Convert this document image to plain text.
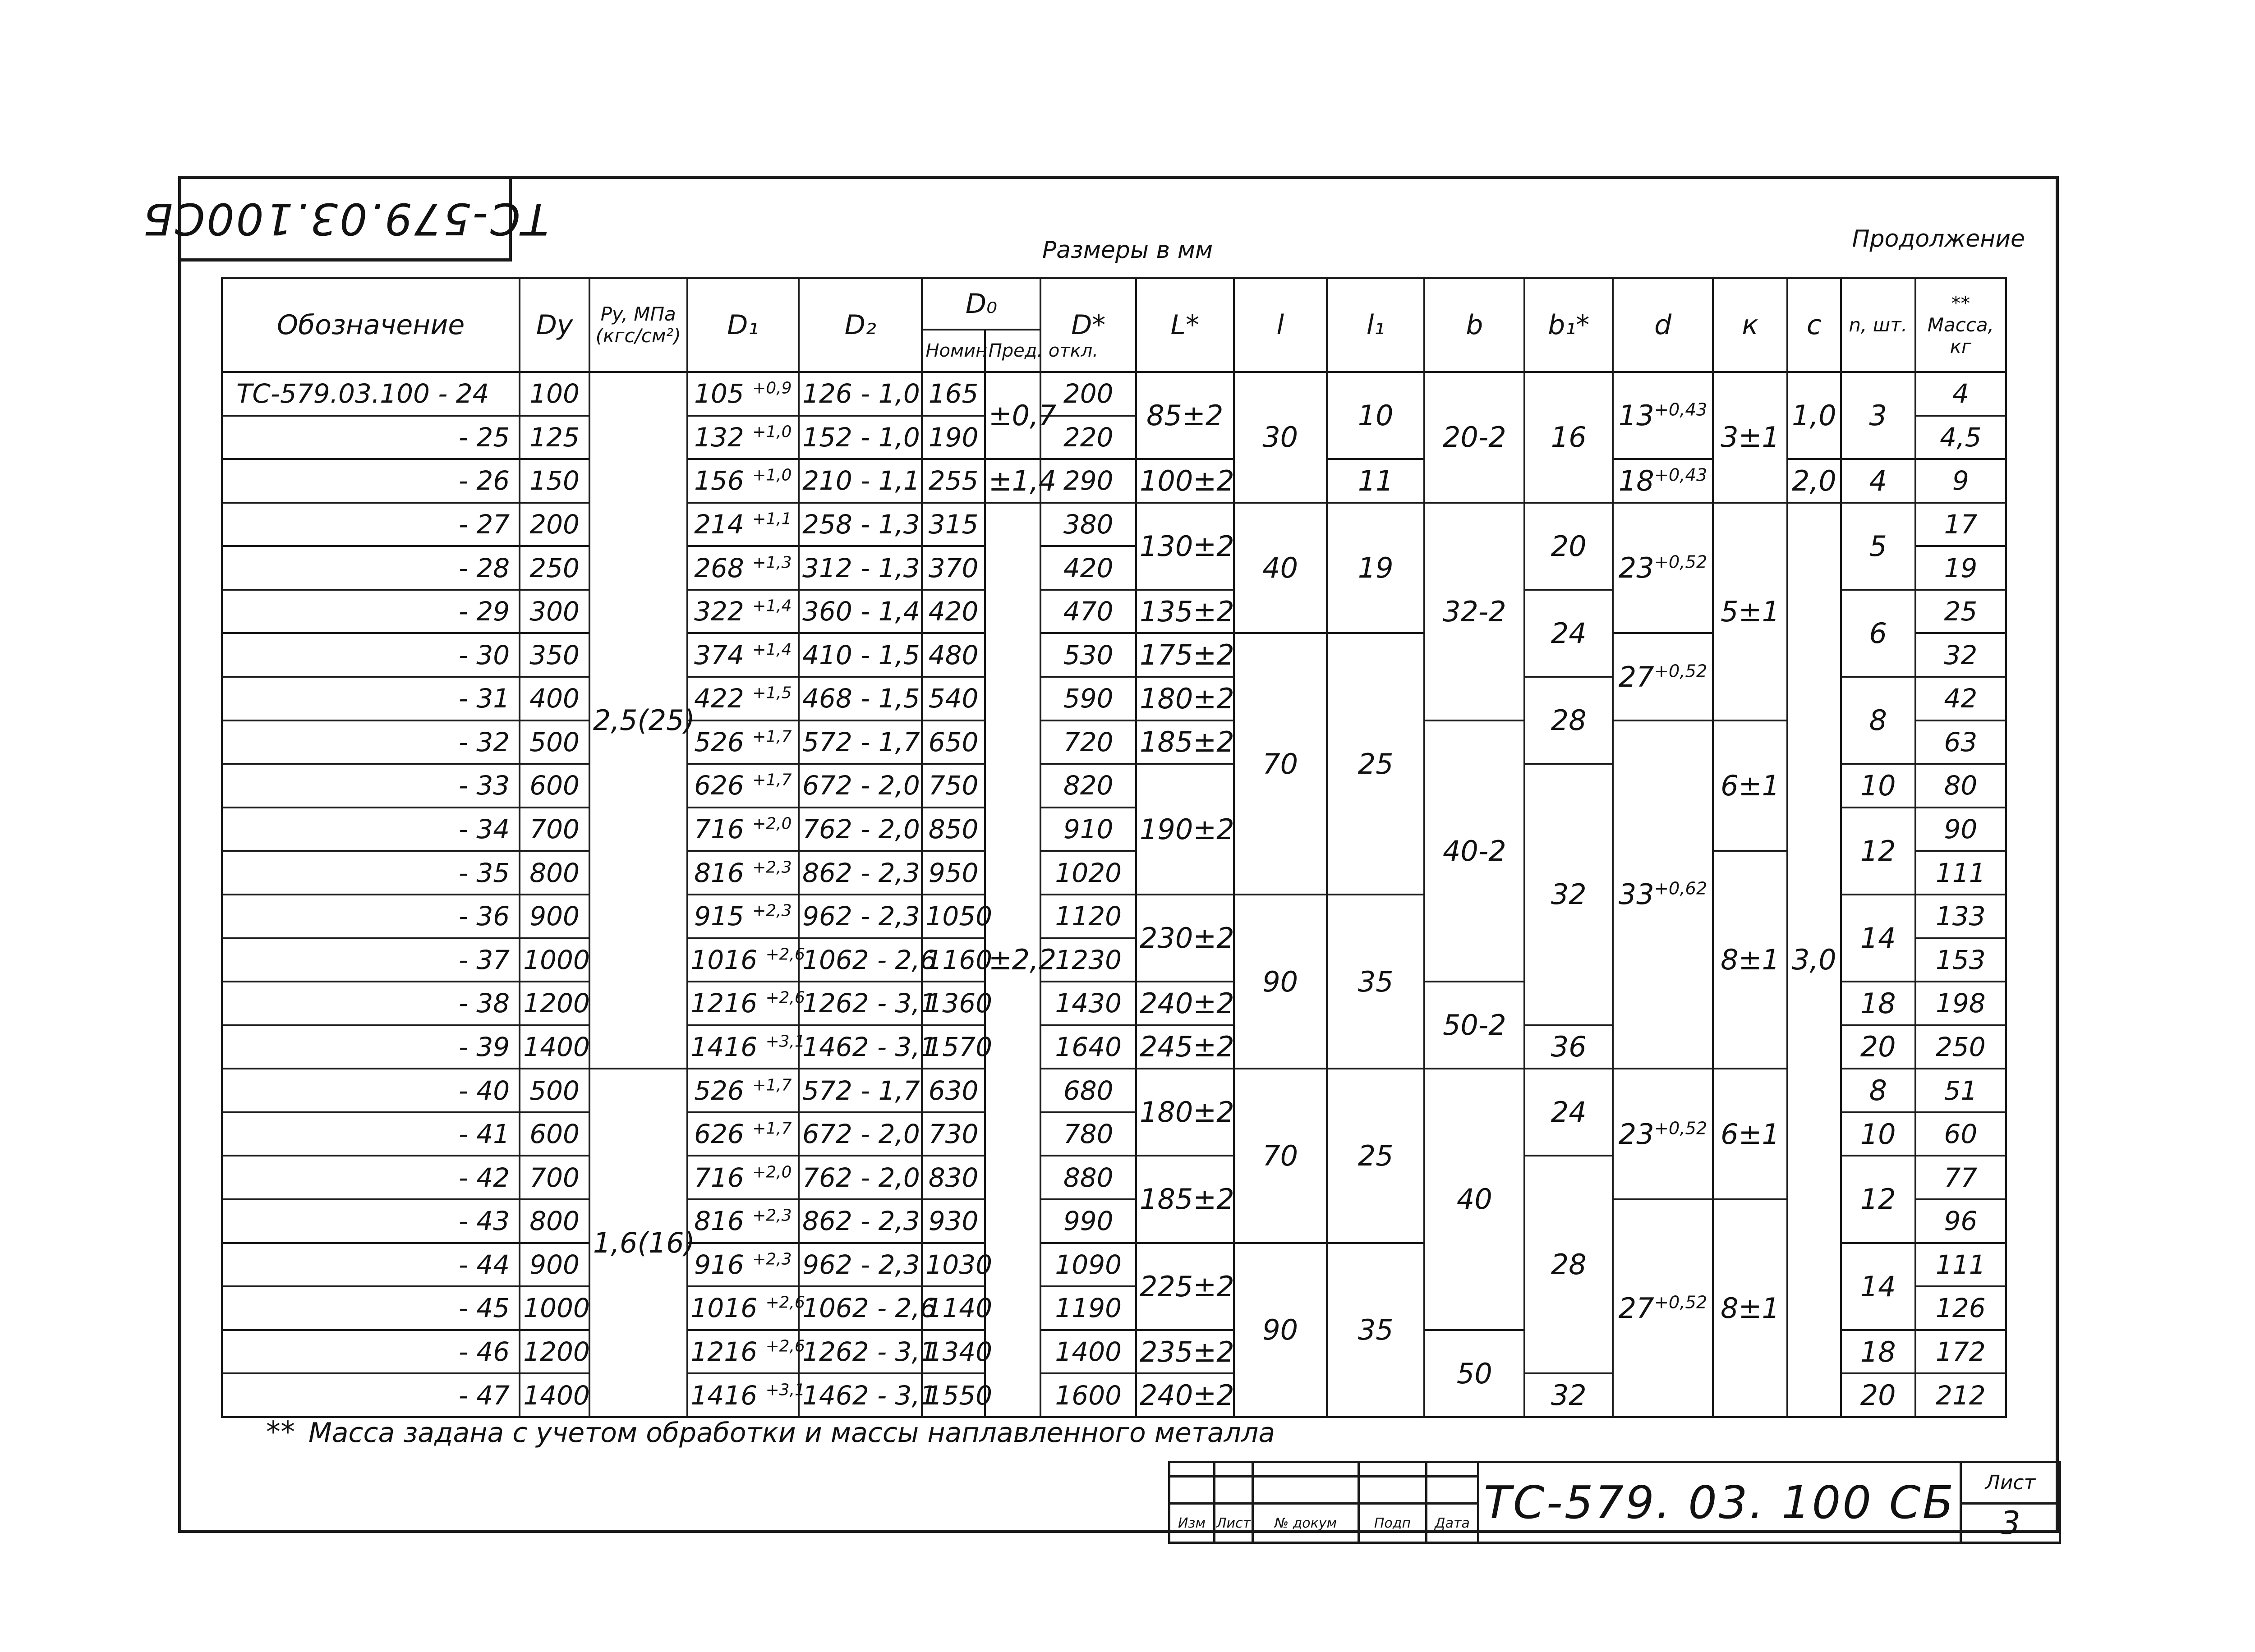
ТС-579.03.100СБ
Размеры в мм	Продолжение
Обозначение	Dy	Py, МПа (кгс/см²)	D₁	D₂	D₀		D*	L*	l	l₁	b	b₁*	d	к	c	n, шт.	** Масса, кг
					Номин	Пред. откл.											
ТС-579.03.100 - 24	100	2,5(25)	105 $^{+0,9}$	126 - 1,0	165	±0,7	200	85±2	30	10	20-2	16	$13^{+0,43}$	3±1	1,0	3	4
- 25	125		132 $^{+1,0}$	152 - 1,0	190		220										4,5
- 26	150		156 $^{+1,0}$	210 - 1,1	255	±1,4	290	100±2		11			$18^{+0,43}$		2,0	4	9
- 27	200		214 $^{+1,1}$	258 - 1,3	315	±2,2	380	130±2	40	19	32-2	20	$23^{+0,52}$	5±1	3,0	5	17
- 28	250		268 $^{+1,3}$	312 - 1,3	370		420										19
- 29	300		322 $^{+1,4}$	360 - 1,4	420		470	135±2				24				6	25
- 30	350		374 $^{+1,4}$	410 - 1,5	480		530	175±2	70	25			$27^{+0,52}$				32
- 31	400		422 $^{+1,5}$	468 - 1,5	540		590	180±2				28				8	42
- 32	500		526 $^{+1,7}$	572 - 1,7	650		720	185±2			40-2		$33^{+0,62}$	6±1			63
- 33	600		626 $^{+1,7}$	672 - 2,0	750		820	190±2				32				10	80
- 34	700		716 $^{+2,0}$	762 - 2,0	850		910									12	90
- 35	800		816 $^{+2,3}$	862 - 2,3	950		1020							8±1			111
- 36	900		915 $^{+2,3}$	962 - 2,3	1050		1120	230±2	90	35						14	133
- 37	1000		1016 $^{+2,6}$	1062 - 2,6	1160		1230										153
- 38	1200		1216 $^{+2,6}$	1262 - 3,1	1360		1430	240±2			50-2					18	198
- 39	1400		1416 $^{+3,1}$	1462 - 3,1	1570		1640	245±2				36				20	250
- 40	500	1,6(16)	526 $^{+1,7}$	572 - 1,7	630		680	180±2	70	25	40	24	$23^{+0,52}$	6±1		8	51
- 41	600		626 $^{+1,7}$	672 - 2,0	730		780									10	60
- 42	700		716 $^{+2,0}$	762 - 2,0	830		880	185±2				28				12	77
- 43	800		816 $^{+2,3}$	862 - 2,3	930		990						$27^{+0,52}$	8±1			96
- 44	900		916 $^{+2,3}$	962 - 2,3	1030		1090	225±2	90	35						14	111
- 45	1000		1016 $^{+2,6}$	1062 - 2,6	1140		1190										126
- 46	1200		1216 $^{+2,6}$	1262 - 3,1	1340		1400	235±2			50					18	172
- 47	1400		1416 $^{+3,1}$	1462 - 3,1	1550		1600	240±2				32				20	212
** Масса задана с учетом обработки и массы наплавленного металла
					ТС-579. 03. 100 СБ	Лист

Изм	Лист	№ докум	Подп	Дата		3
